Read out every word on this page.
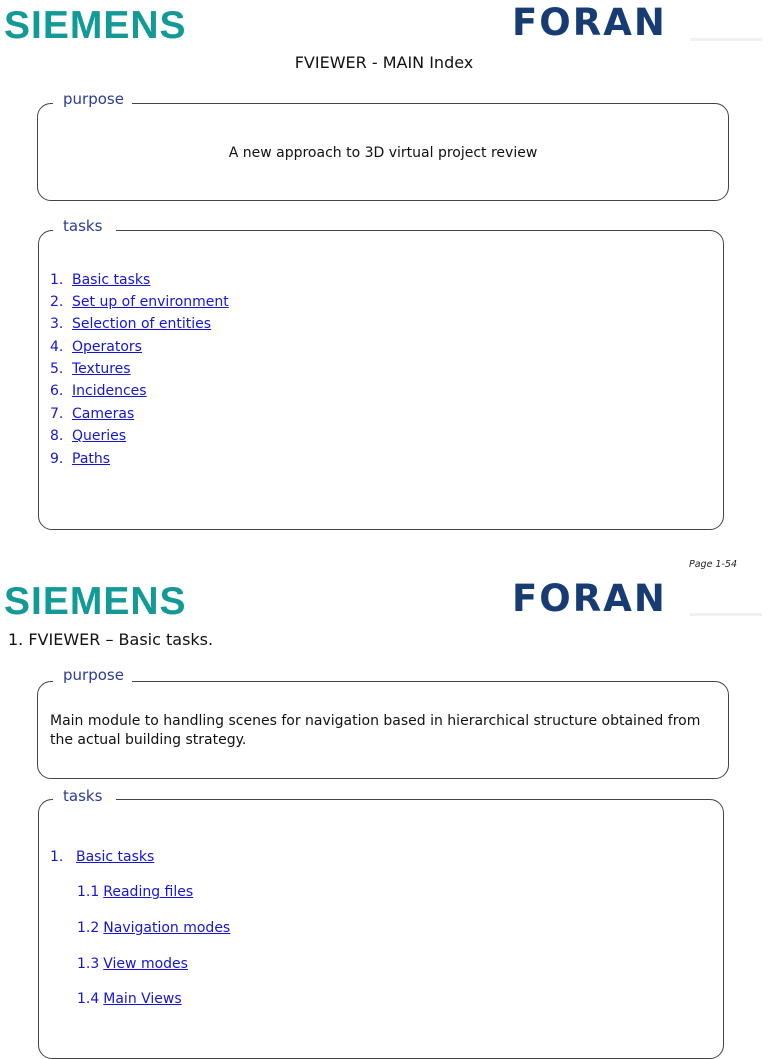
SIEMENS	FORAN
FVIEWER - MAIN Index
purpose
A new approach to 3D virtual project review
tasks
1. Basic tasks
2. Set up of environment
3. Selection of entities
4. Operators
5. Textures
6. Incidences
7. Cameras
8. Queries
9. Paths
Page 1-54
SIEMENS	FORAN
1. FVIEWER – Basic tasks.
purpose
Main module to handling scenes for navigation based in hierarchical structure obtained from the actual building strategy.
tasks
1. Basic tasks
1.1 Reading files
1.2 Navigation modes
1.3 View modes
1.4 Main Views
